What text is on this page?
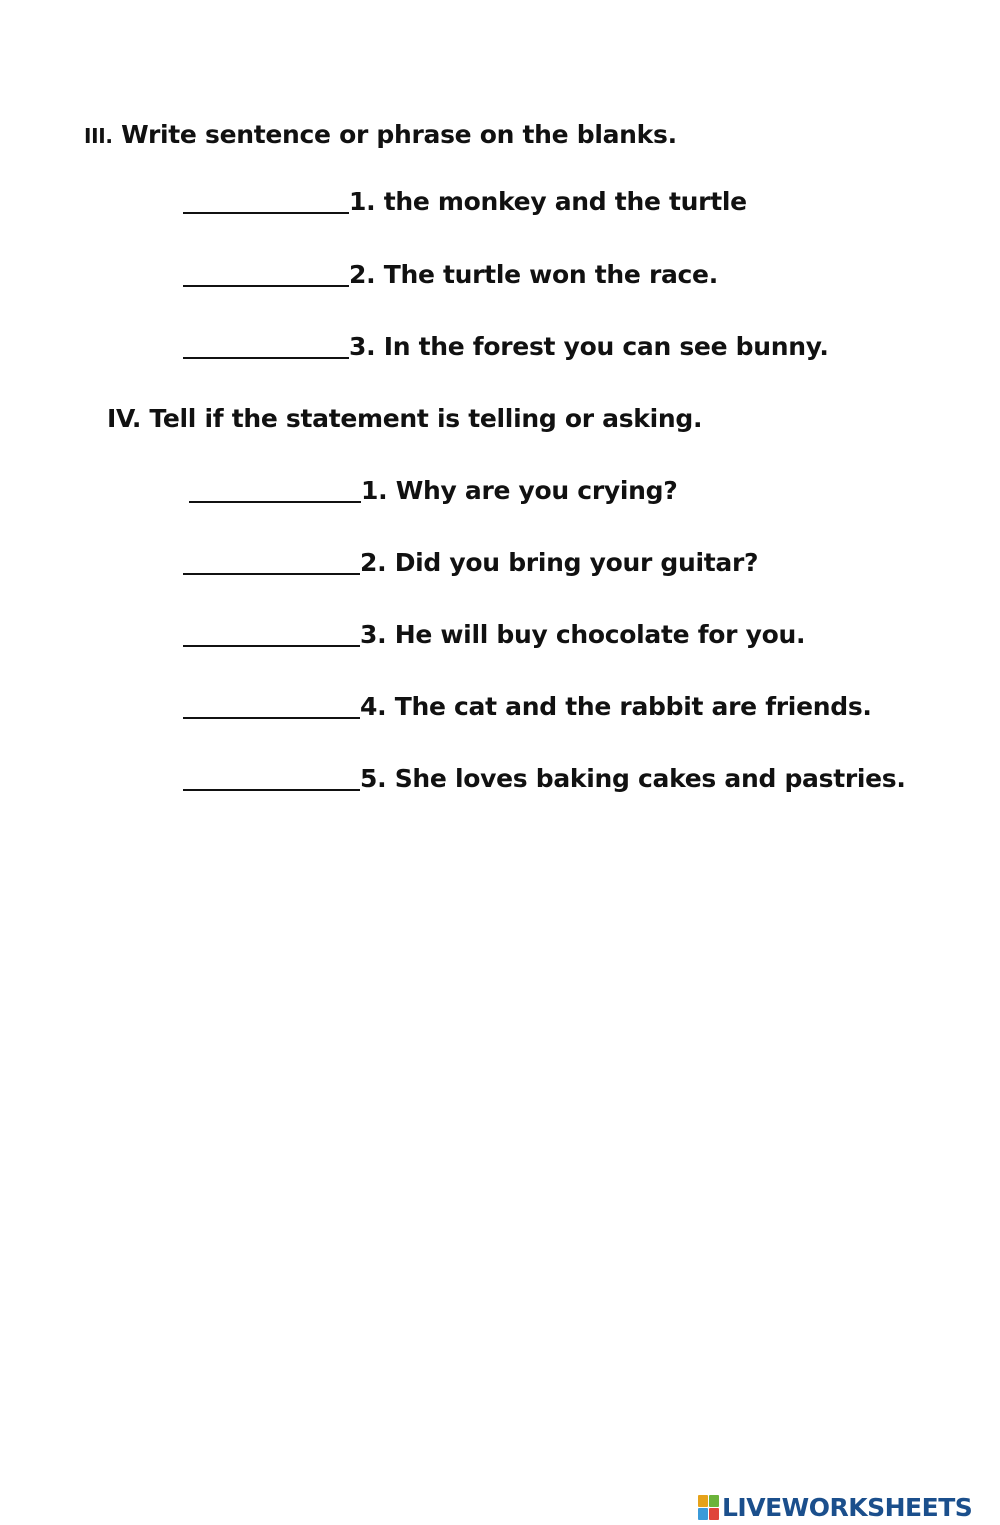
III. Write sentence or phrase on the blanks.
1. the monkey and the turtle
2. The turtle won the race.
3. In the forest you can see bunny.
IV. Tell if the statement is telling or asking.
1. Why are you crying?
2. Did you bring your guitar?
3. He will buy chocolate for you.
4. The cat and the rabbit are friends.
5. She loves baking cakes and pastries.
LIVEWORKSHEETS
